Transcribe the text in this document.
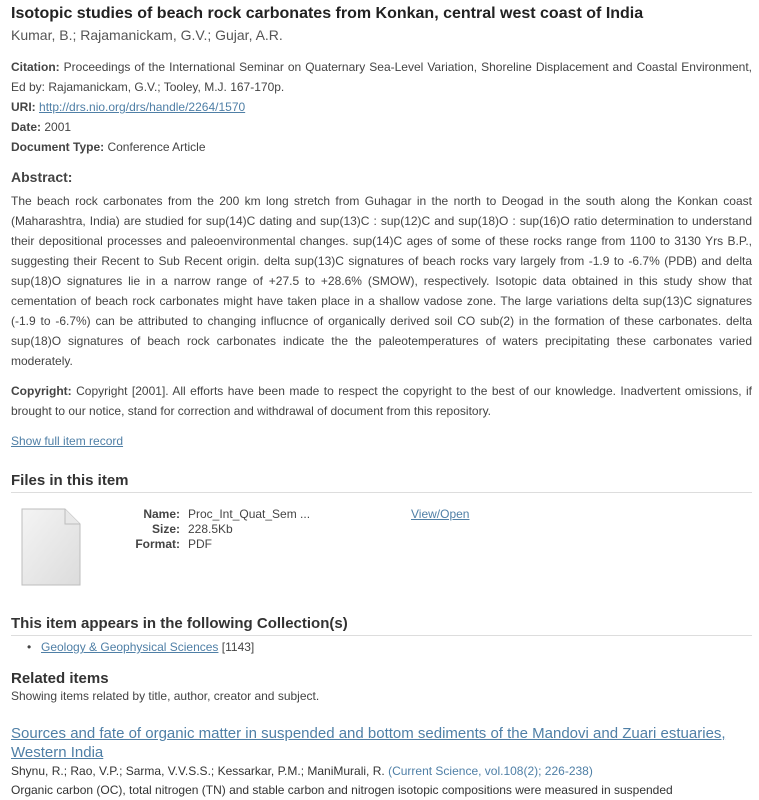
Isotopic studies of beach rock carbonates from Konkan, central west coast of India
Kumar, B.; Rajamanickam, G.V.; Gujar, A.R.
Citation: Proceedings of the International Seminar on Quaternary Sea-Level Variation, Shoreline Displacement and Coastal Environment, Ed by: Rajamanickam, G.V.; Tooley, M.J. 167-170p.
URI: http://drs.nio.org/drs/handle/2264/1570
Date: 2001
Document Type: Conference Article
Abstract:
The beach rock carbonates from the 200 km long stretch from Guhagar in the north to Deogad in the south along the Konkan coast (Maharashtra, India) are studied for sup(14)C dating and sup(13)C : sup(12)C and sup(18)O : sup(16)O ratio determination to understand their depositional processes and paleoenvironmental changes. sup(14)C ages of some of these rocks range from 1100 to 3130 Yrs B.P., suggesting their Recent to Sub Recent origin. delta sup(13)C signatures of beach rocks vary largely from -1.9 to -6.7% (PDB) and delta sup(18)O signatures lie in a narrow range of +27.5 to +28.6% (SMOW), respectively. Isotopic data obtained in this study show that cementation of beach rock carbonates might have taken place in a shallow vadose zone. The large variations delta sup(13)C signatures (-1.9 to -6.7%) can be attributed to changing influcnce of organically derived soil CO sub(2) in the formation of these carbonates. delta sup(18)O signatures of beach rock carbonates indicate the the paleotemperatures of waters precipitating these carbonates varied moderately.
Copyright: Copyright [2001]. All efforts have been made to respect the copyright to the best of our knowledge. Inadvertent omissions, if brought to our notice, stand for correction and withdrawal of document from this repository.
Show full item record
Files in this item
Name: Proc_Int_Quat_Sem ...
Size: 228.5Kb
Format: PDF
View/Open
This item appears in the following Collection(s)
• Geology & Geophysical Sciences [1143]
Related items
Showing items related by title, author, creator and subject.
Sources and fate of organic matter in suspended and bottom sediments of the Mandovi and Zuari estuaries, Western India
Shynu, R.; Rao, V.P.; Sarma, V.V.S.S.; Kessarkar, P.M.; ManiMurali, R. (Current Science, vol.108(2); 226-238)
Organic carbon (OC), total nitrogen (TN) and stable carbon and nitrogen isotopic compositions were measured in suspended
